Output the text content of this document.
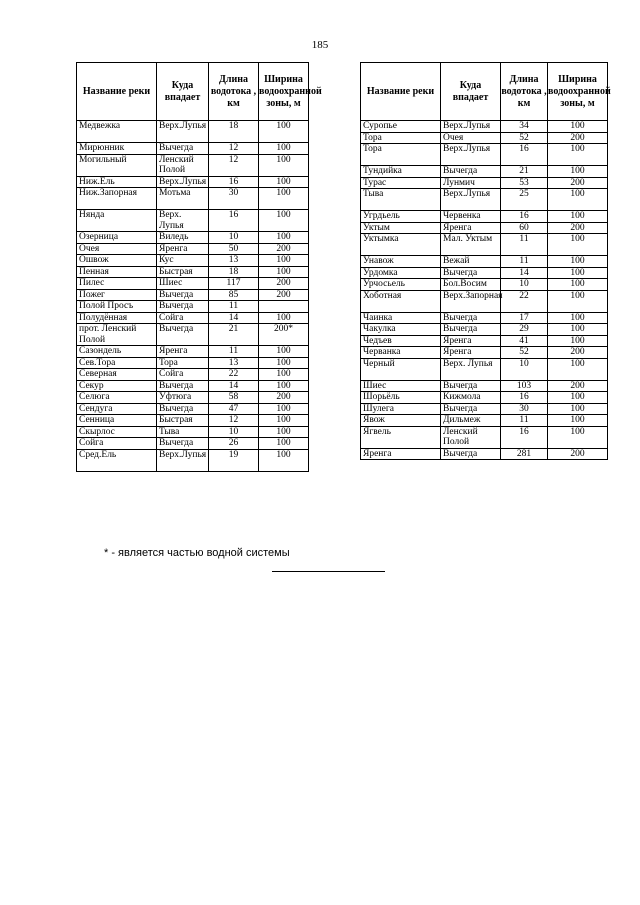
185
Название реки	Куда впадает	Длина водотока , км	Ширина водоохранной зоны, м
Медвежка	Верх.Лупья	18	100
Мирюнник	Вычегда	12	100
Могильный	Ленский Полой	12	100
Ниж.Ель	Верх.Лупья	16	100
Ниж.Запорная	Мотьма	30	100
Нянда	Верх. Лупья	16	100
Озерница	Виледь	10	100
Очея	Яренга	50	200
Ошвож	Кус	13	100
Пенная	Быстрая	18	100
Пилес	Шиес	117	200
Пожег	Вычегда	85	200
Полой Просъ	Вычегда	11	
Полудённая	Сойга	14	100
прот. Ленский Полой	Вычегда	21	200*
Сазондель	Яренга	11	100
Сев.Тора	Тора	13	100
Северная	Сойга	22	100
Секур	Вычегда	14	100
Селюга	Уфтюга	58	200
Сендуга	Вычегда	47	100
Сенница	Быстрая	12	100
Скырлос	Тыва	10	100
Сойга	Вычегда	26	100
Сред.Ель	Верх.Лупья	19	100
Название реки	Куда впадает	Длина водотока , км	Ширина водоохранной зоны, м
Суропье	Верх.Лупья	34	100
Тора	Очея	52	200
Тора	Верх.Лупья	16	100
Тундийка	Вычегда	21	100
Турас	Лунмич	53	200
Тыва	Верх.Лупья	25	100
Угрдьель	Червенка	16	100
Уктым	Яренга	60	200
Уктымка	Мал. Уктым	11	100
Унавож	Вежай	11	100
Урдомка	Вычегда	14	100
Урчосьель	Бол.Восим	10	100
Хоботная	Верх.Запорная	22	100
Чаинка	Вычегда	17	100
Чакулка	Вычегда	29	100
Чедъев	Яренга	41	100
Черванка	Яренга	52	200
Черный	Верх. Лупья	10	100
Шиес	Вычегда	103	200
Шорьёль	Кижмола	16	100
Шулега	Вычегда	30	100
Явож	Дильмеж	11	100
Ягвель	Ленский Полой	16	100
Яренга	Вычегда	281	200
* - является частью водной системы
